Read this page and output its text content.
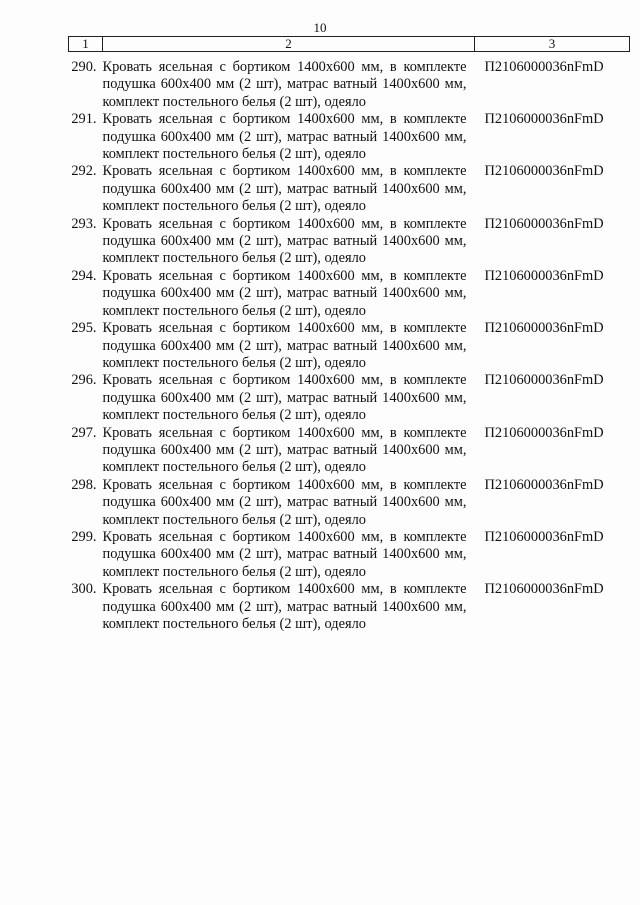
10
1	2	3
290.	Кровать ясельная с бортиком 1400x600 мм, в комплекте подушка 600x400 мм (2 шт), матрас ватный 1400x600 мм, комплект постельного белья (2 шт), одеяло	П2106000036nFmD
291.	Кровать ясельная с бортиком 1400x600 мм, в комплекте подушка 600x400 мм (2 шт), матрас ватный 1400x600 мм, комплект постельного белья (2 шт), одеяло	П2106000036nFmD
292.	Кровать ясельная с бортиком 1400x600 мм, в комплекте подушка 600x400 мм (2 шт), матрас ватный 1400x600 мм, комплект постельного белья (2 шт), одеяло	П2106000036nFmD
293.	Кровать ясельная с бортиком 1400x600 мм, в комплекте подушка 600x400 мм (2 шт), матрас ватный 1400x600 мм, комплект постельного белья (2 шт), одеяло	П2106000036nFmD
294.	Кровать ясельная с бортиком 1400x600 мм, в комплекте подушка 600x400 мм (2 шт), матрас ватный 1400x600 мм, комплект постельного белья (2 шт), одеяло	П2106000036nFmD
295.	Кровать ясельная с бортиком 1400x600 мм, в комплекте подушка 600x400 мм (2 шт), матрас ватный 1400x600 мм, комплект постельного белья (2 шт), одеяло	П2106000036nFmD
296.	Кровать ясельная с бортиком 1400x600 мм, в комплекте подушка 600x400 мм (2 шт), матрас ватный 1400x600 мм, комплект постельного белья (2 шт), одеяло	П2106000036nFmD
297.	Кровать ясельная с бортиком 1400x600 мм, в комплекте подушка 600x400 мм (2 шт), матрас ватный 1400x600 мм, комплект постельного белья (2 шт), одеяло	П2106000036nFmD
298.	Кровать ясельная с бортиком 1400x600 мм, в комплекте подушка 600x400 мм (2 шт), матрас ватный 1400x600 мм, комплект постельного белья (2 шт), одеяло	П2106000036nFmD
299.	Кровать ясельная с бортиком 1400x600 мм, в комплекте подушка 600x400 мм (2 шт), матрас ватный 1400x600 мм, комплект постельного белья (2 шт), одеяло	П2106000036nFmD
300.	Кровать ясельная с бортиком 1400x600 мм, в комплекте подушка 600x400 мм (2 шт), матрас ватный 1400x600 мм, комплект постельного белья (2 шт), одеяло	П2106000036nFmD
